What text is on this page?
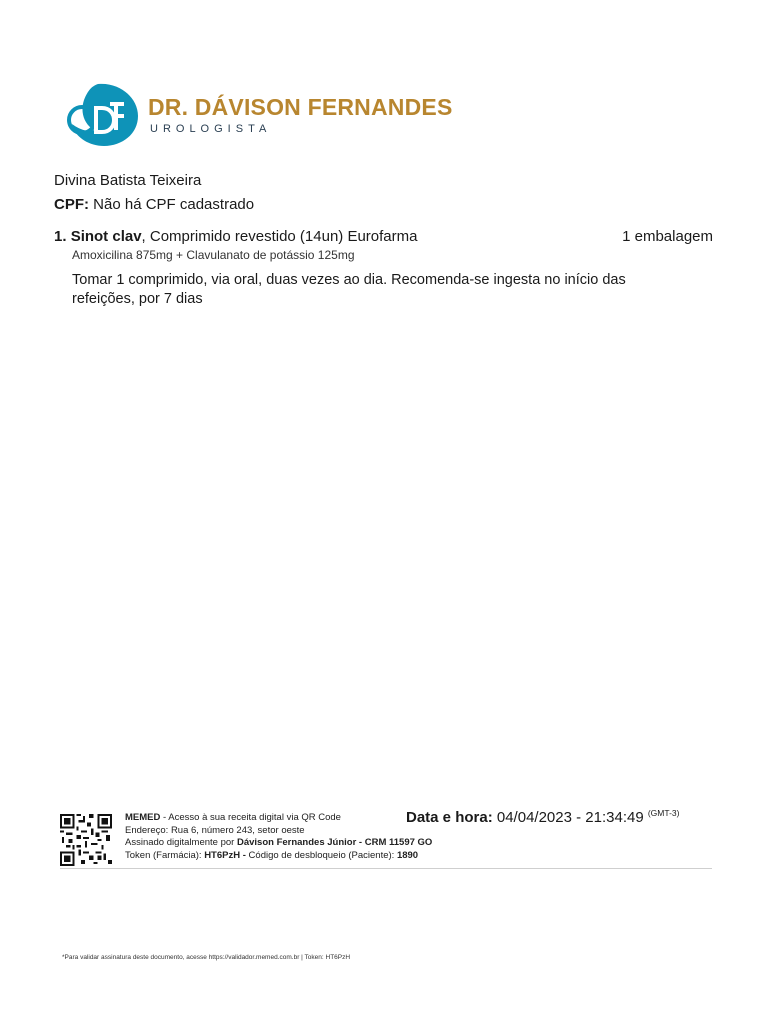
DR. DÁVISON FERNANDES
UROLOGISTA
Divina Batista Teixeira
CPF: Não há CPF cadastrado
1. Sinot clav, Comprimido revestido (14un) Eurofarma	1 embalagem
Amoxicilina 875mg + Clavulanato de potássio 125mg
Tomar 1 comprimido, via oral, duas vezes ao dia. Recomenda-se ingesta no início das refeições, por 7 dias
MEMED - Acesso à sua receita digital via QR Code
Endereço: Rua 6, número 243, setor oeste
Assinado digitalmente por Dávison Fernandes Júnior - CRM 11597 GO
Token (Farmácia): HT6PzH - Código de desbloqueio (Paciente): 1890
Data e hora: 04/04/2023 - 21:34:49 $^{(GMT-3)}$
*Para validar assinatura deste documento, acesse https://validador.memed.com.br | Token: HT6PzH
